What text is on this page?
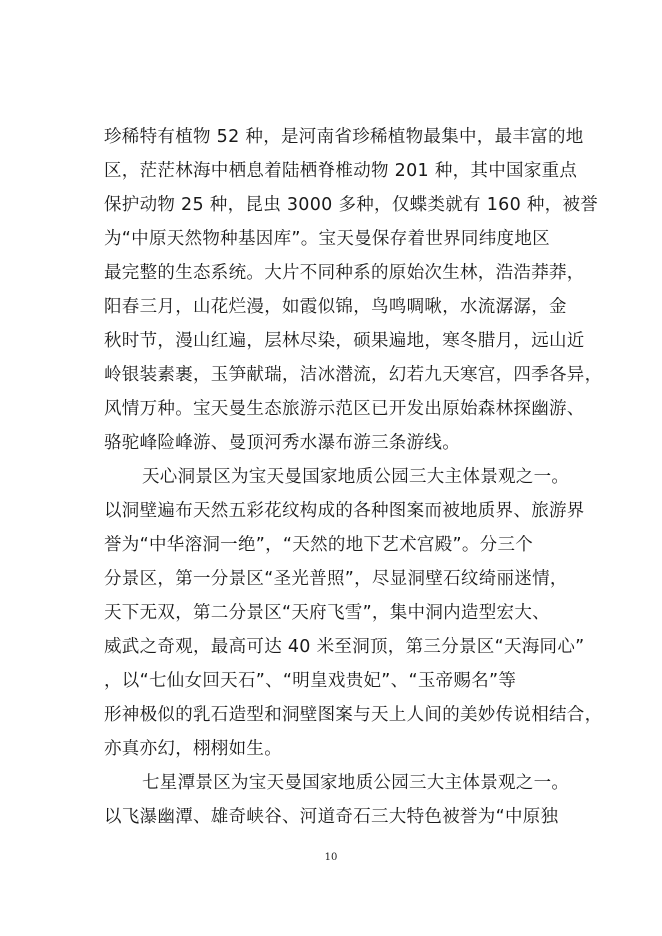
珍稀特有植物 52 种，是河南省珍稀植物最集中，最丰富的地
区，茫茫林海中栖息着陆栖脊椎动物 201 种，其中国家重点
保护动物 25 种，昆虫 3000 多种，仅蝶类就有 160 种，被誉
为“中原天然物种基因库”。宝天曼保存着世界同纬度地区
最完整的生态系统。大片不同种系的原始次生林，浩浩莽莽，
阳春三月，山花烂漫，如霞似锦，鸟鸣啁啾，水流潺潺，金
秋时节，漫山红遍，层林尽染，硕果遍地，寒冬腊月，远山近
岭银装素裹，玉笋献瑞，洁冰潜流，幻若九天寒宫，四季各异，
风情万种。宝天曼生态旅游示范区已开发出原始森林探幽游、
骆驼峰险峰游、曼顶河秀水瀑布游三条游线。
天心洞景区为宝天曼国家地质公园三大主体景观之一。
以洞壁遍布天然五彩花纹构成的各种图案而被地质界、旅游界
誉为“中华溶洞一绝”，“天然的地下艺术宫殿”。分三个
分景区，第一分景区“圣光普照”，尽显洞壁石纹绮丽迷情，
天下无双，第二分景区“天府飞雪”，集中洞内造型宏大、
威武之奇观，最高可达 40 米至洞顶，第三分景区“天海同心”
，以“七仙女回天石”、“明皇戏贵妃”、“玉帝赐名”等
形神极似的乳石造型和洞壁图案与天上人间的美妙传说相结合，
亦真亦幻，栩栩如生。
七星潭景区为宝天曼国家地质公园三大主体景观之一。
以飞瀑幽潭、雄奇峡谷、河道奇石三大特色被誉为“中原独
10
